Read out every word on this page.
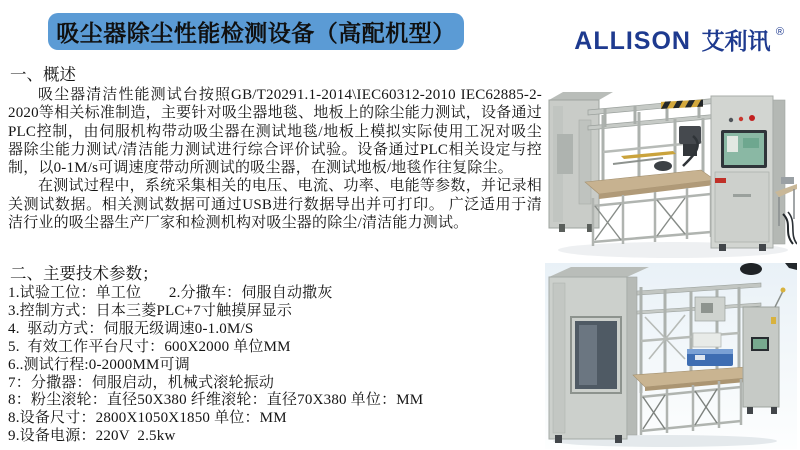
吸尘器除尘性能检测设备（高配机型）	ALLISON 艾利讯 ®
一、概述

吸尘器清洁性能测试台按照GB/T20291.1-2014\IEC60312-2010 IEC62885-2-2020等相关标准制造，主要针对吸尘器地毯、地板上的除尘能力测试，设备通过PLC控制，由伺服机构带动吸尘器在测试地毯/地板上模拟实际使用工况对吸尘器除尘能力测试/清洁能力测试进行综合评价试验。设备通过PLC相关设定与控制，以0-1M/s可调速度带动所测试的吸尘器，在测试地板/地毯作往复除尘。

在测试过程中，系统采集相关的电压、电流、功率、电能等参数，并记录相关测试数据。相关测试数据可通过USB进行数据导出并可打印。 广泛适用于清洁行业的吸尘器生产厂家和检测机构对吸尘器的除尘/清洁能力测试。

二、主要技术参数；
1.试验工位：单工位       2.分撒车：伺服自动撒灰
3.控制方式：日本三菱PLC+7寸触摸屏显示
4.  驱动方式：伺服无级调速0-1.0M/S
5.  有效工作平台尺寸：600X2000 单位MM
6..测试行程:0-2000MM可调
7：分撒器：伺服启动，机械式滚轮振动
8：粉尘滚轮：直径50X380 纤维滚轮：直径70X380 单位：MM
8.设备尺寸：2800X1050X1850 单位：MM
9.设备电源：220V  2.5kw
